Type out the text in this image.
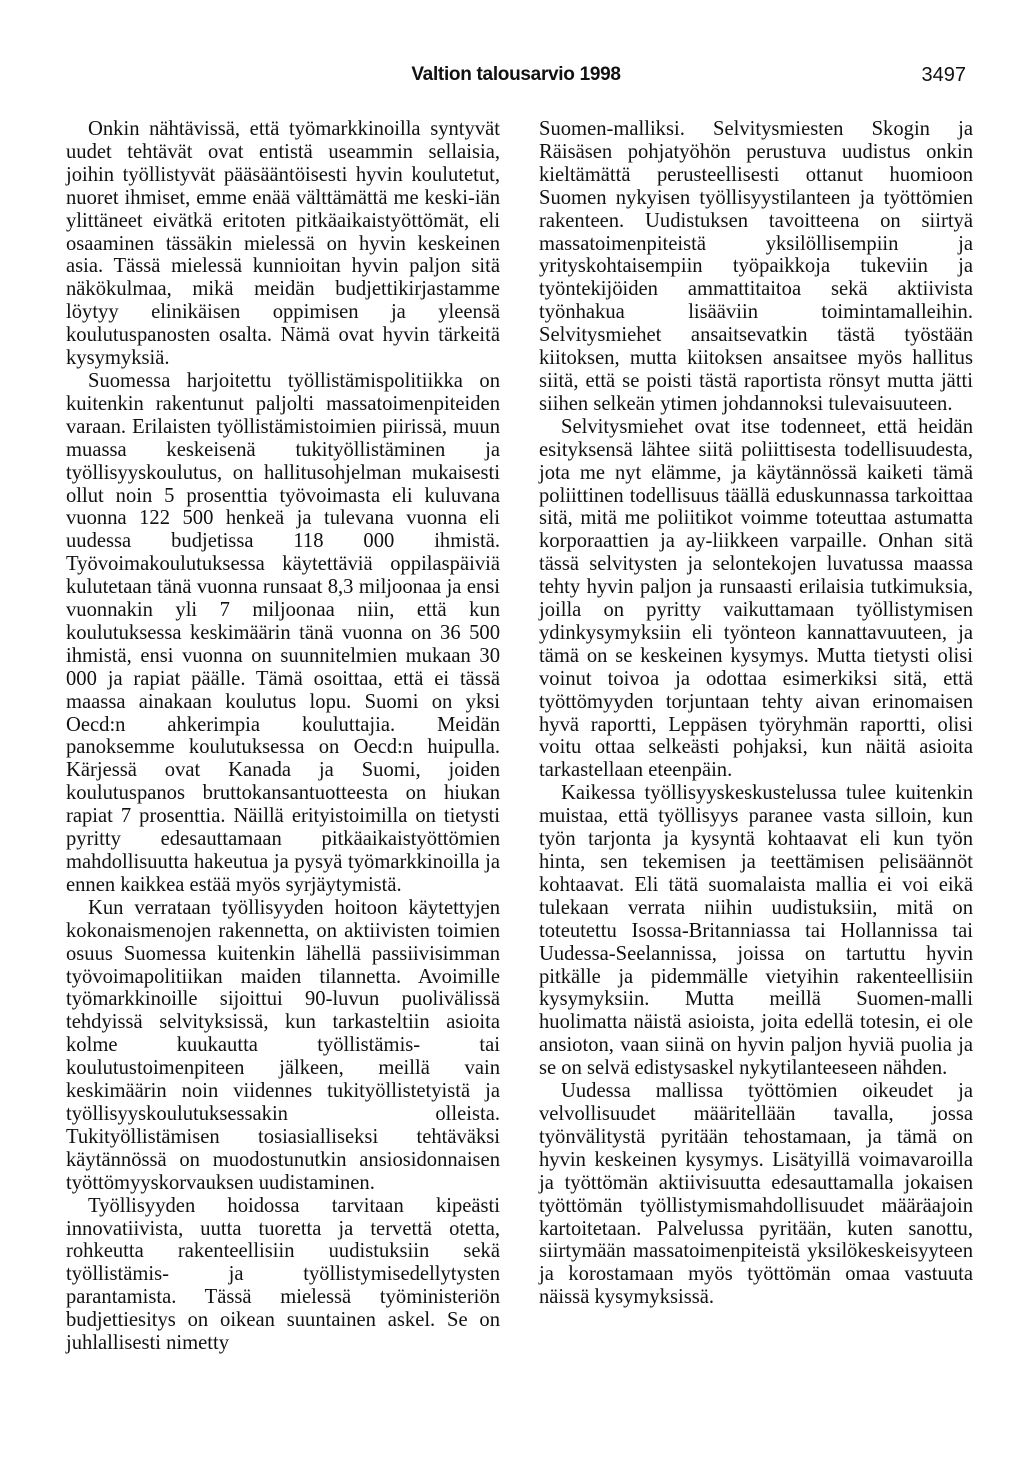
Valtion talousarvio 1998	3497

Onkin nähtävissä, että työmarkkinoilla syntyvät uudet tehtävät ovat entistä useammin sellaisia, joihin työllistyvät pääsääntöisesti hyvin koulutetut, nuoret ihmiset, emme enää välttämättä me keski-iän ylittäneet eivätkä eritoten pitkäaikaistyöttömät, eli osaaminen tässäkin mielessä on hyvin keskeinen asia. Tässä mielessä kunnioitan hyvin paljon sitä näkökulmaa, mikä meidän budjettikirjastamme löytyy elinikäisen oppimisen ja yleensä koulutuspanosten osalta. Nämä ovat hyvin tärkeitä kysymyksiä.

Suomessa harjoitettu työllistämispolitiikka on kuitenkin rakentunut paljolti massatoimenpiteiden varaan. Erilaisten työllistämistoimien piirissä, muun muassa keskeisenä tukityöllistäminen ja työllisyyskoulutus, on hallitusohjelman mukaisesti ollut noin 5 prosenttia työvoimasta eli kuluvana vuonna 122 500 henkeä ja tulevana vuonna eli uudessa budjetissa 118 000 ihmistä. Työvoimakoulutuksessa käytettäviä oppilaspäiviä kulutetaan tänä vuonna runsaat 8,3 miljoonaa ja ensi vuonnakin yli 7 miljoonaa niin, että kun koulutuksessa keskimäärin tänä vuonna on 36 500 ihmistä, ensi vuonna on suunnitelmien mukaan 30 000 ja rapiat päälle. Tämä osoittaa, että ei tässä maassa ainakaan koulutus lopu. Suomi on yksi Oecd:n ahkerimpia kouluttajia. Meidän panoksemme koulutuksessa on Oecd:n huipulla. Kärjessä ovat Kanada ja Suomi, joiden koulutuspanos bruttokansantuotteesta on hiukan rapiat 7 prosenttia. Näillä erityistoimilla on tietysti pyritty edesauttamaan pitkäaikaistyöttömien mahdollisuutta hakeutua ja pysyä työmarkkinoilla ja ennen kaikkea estää myös syrjäytymistä.

Kun verrataan työllisyyden hoitoon käytettyjen kokonaismenojen rakennetta, on aktiivisten toimien osuus Suomessa kuitenkin lähellä passiivisimman työvoimapolitiikan maiden tilannetta. Avoimille työmarkkinoille sijoittui 90-luvun puolivälissä tehdyissä selvityksissä, kun tarkasteltiin asioita kolme kuukautta työllistämis- tai koulutustoimenpiteen jälkeen, meillä vain keskimäärin noin viidennes tukityöllistetyistä ja työllisyyskoulutuksessakin olleista. Tukityöllistämisen tosiasialliseksi tehtäväksi käytännössä on muodostunutkin ansiosidonnaisen työttömyyskorvauksen uudistaminen.

Työllisyyden hoidossa tarvitaan kipeästi innovatiivista, uutta tuoretta ja tervettä otetta, rohkeutta rakenteellisiin uudistuksiin sekä työllistämis- ja työllistymisedellytysten parantamista. Tässä mielessä työministeriön budjettiesitys on oikean suuntainen askel. Se on juhlallisesti nimetty

Suomen-malliksi. Selvitysmiesten Skogin ja Räisäsen pohjatyöhön perustuva uudistus onkin kieltämättä perusteellisesti ottanut huomioon Suomen nykyisen työllisyystilanteen ja työttömien rakenteen. Uudistuksen tavoitteena on siirtyä massatoimenpiteistä yksilöllisempiin ja yrityskohtaisempiin työpaikkoja tukeviin ja työntekijöiden ammattitaitoa sekä aktiivista työnhakua lisääviin toimintamalleihin. Selvitysmiehet ansaitsevatkin tästä työstään kiitoksen, mutta kiitoksen ansaitsee myös hallitus siitä, että se poisti tästä raportista rönsyt mutta jätti siihen selkeän ytimen johdannoksi tulevaisuuteen.

Selvitysmiehet ovat itse todenneet, että heidän esityksensä lähtee siitä poliittisesta todellisuudesta, jota me nyt elämme, ja käytännössä kaiketi tämä poliittinen todellisuus täällä eduskunnassa tarkoittaa sitä, mitä me poliitikot voimme toteuttaa astumatta korporaattien ja ay-liikkeen varpaille. Onhan sitä tässä selvitysten ja selontekojen luvatussa maassa tehty hyvin paljon ja runsaasti erilaisia tutkimuksia, joilla on pyritty vaikuttamaan työllistymisen ydinkysymyksiin eli työnteon kannattavuuteen, ja tämä on se keskeinen kysymys. Mutta tietysti olisi voinut toivoa ja odottaa esimerkiksi sitä, että työttömyyden torjuntaan tehty aivan erinomaisen hyvä raportti, Leppäsen työryhmän raportti, olisi voitu ottaa selkeästi pohjaksi, kun näitä asioita tarkastellaan eteenpäin.

Kaikessa työllisyyskeskustelussa tulee kuitenkin muistaa, että työllisyys paranee vasta silloin, kun työn tarjonta ja kysyntä kohtaavat eli kun työn hinta, sen tekemisen ja teettämisen pelisäännöt kohtaavat. Eli tätä suomalaista mallia ei voi eikä tulekaan verrata niihin uudistuksiin, mitä on toteutettu Isossa-Britanniassa tai Hollannissa tai Uudessa-Seelannissa, joissa on tartuttu hyvin pitkälle ja pidemmälle vietyihin rakenteellisiin kysymyksiin. Mutta meillä Suomen-malli huolimatta näistä asioista, joita edellä totesin, ei ole ansioton, vaan siinä on hyvin paljon hyviä puolia ja se on selvä edistysaskel nykytilanteeseen nähden.

Uudessa mallissa työttömien oikeudet ja velvollisuudet määritellään tavalla, jossa työnvälitystä pyritään tehostamaan, ja tämä on hyvin keskeinen kysymys. Lisätyillä voimavaroilla ja työttömän aktiivisuutta edesauttamalla jokaisen työttömän työllistymismahdollisuudet määräajoin kartoitetaan. Palvelussa pyritään, kuten sanottu, siirtymään massatoimenpiteistä yksilökeskeisyyteen ja korostamaan myös työttömän omaa vastuuta näissä kysymyksissä.
